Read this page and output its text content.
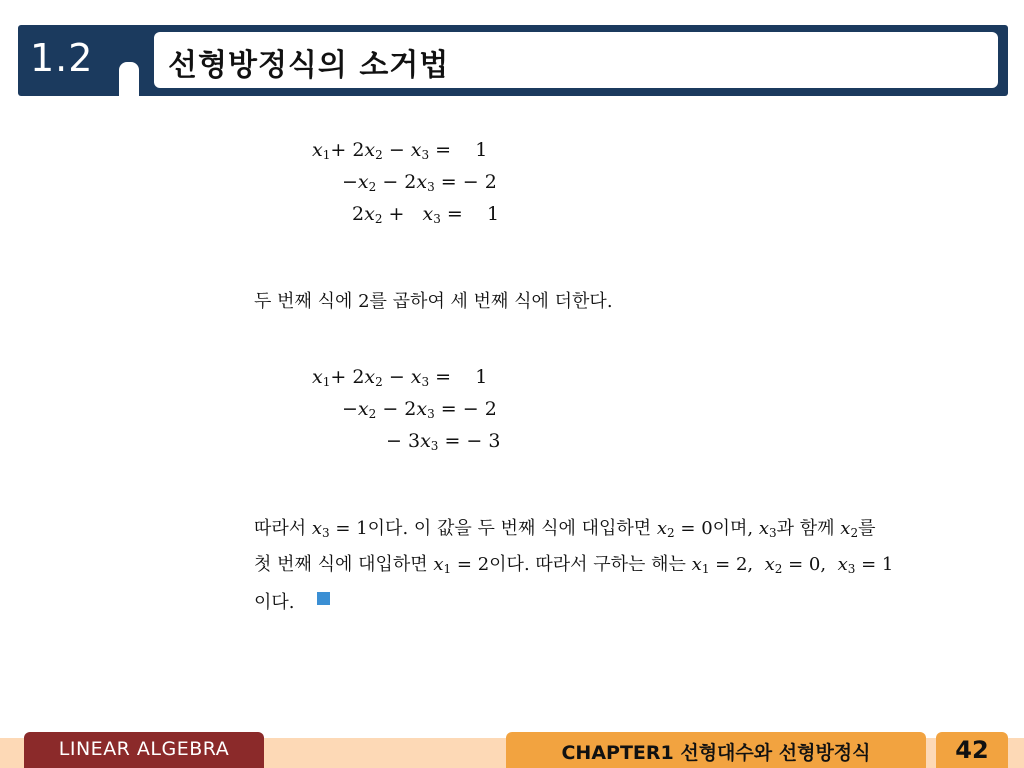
1.2 선형방정식의 소거법
$x_1+ 2x_2 - x_3$ =    1
$-x_2 - 2x_3$ = − 2
$2x_2 + x_3$ =    1
두 번째 식에 2를 곱하여 세 번째 식에 더한다.
$x_1+ 2x_2 - x_3$ =    1
$-x_2 - 2x_3$ = − 2
− $3x_3$ = − 3
따라서 $x_3 = 1$이다. 이 값을 두 번째 식에 대입하면 $x_2 = 0$이며, $x_3$과 함께 $x_2$를
첫 번째 식에 대입하면 $x_1 = 2$이다. 따라서 구하는 해는 $x_1 = 2$,  $x_2 = 0$,  $x_3 = 1$
이다.
LINEAR ALGEBRA	CHAPTER1 선형대수와 선형방정식	42
